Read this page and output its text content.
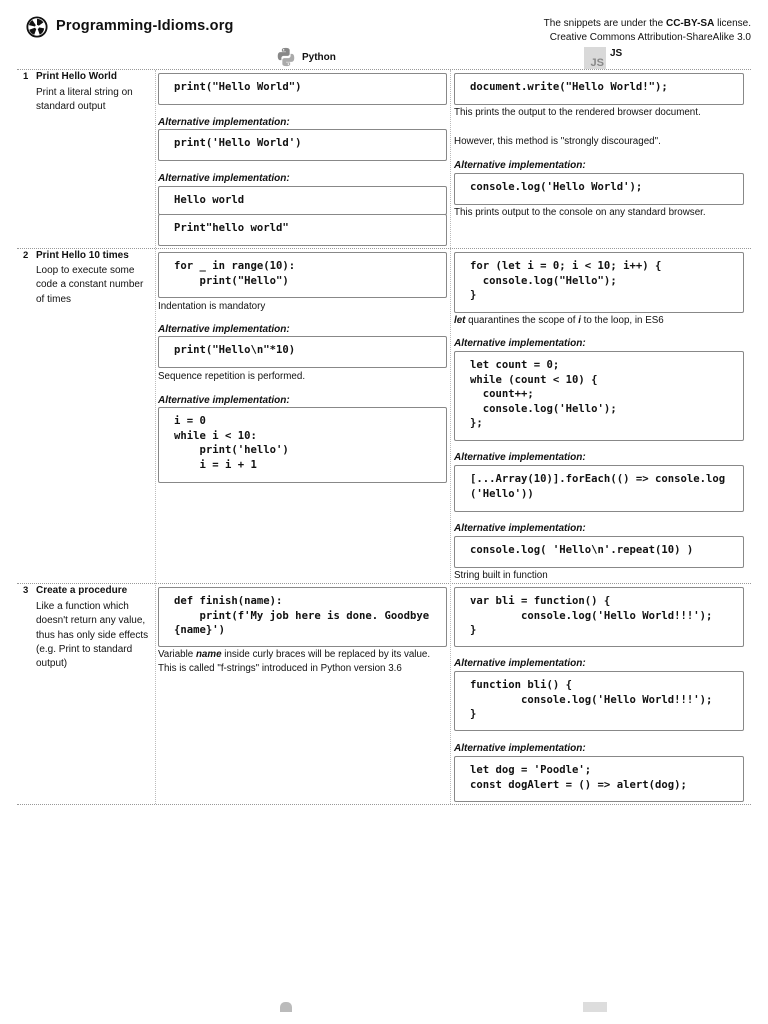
Programming-Idioms.org	The snippets are under the CC-BY-SA license.
Creative Commons Attribution-ShareAlike 3.0
Python	JS
JS
1 Print Hello World
Print a literal string on standard output
print("Hello World")
Alternative implementation:
print('Hello World')
Alternative implementation:
Hello world
Print"hello world"
document.write("Hello World!");
This prints the output to the rendered browser document.
However, this method is "strongly discouraged".
Alternative implementation:
console.log('Hello World');
This prints output to the console on any standard browser.
2 Print Hello 10 times
Loop to execute some code a constant number of times
for _ in range(10):
print("Hello")
Indentation is mandatory
Alternative implementation:
print("Hello\n"*10)
Sequence repetition is performed.
Alternative implementation:
i = 0
while i < 10:
print('hello')
i = i + 1
for (let i = 0; i < 10; i++) {
console.log("Hello");
}
let quarantines the scope of i to the loop, in ES6
Alternative implementation:
let count = 0;
while (count < 10) {
count++;
console.log('Hello');
};
Alternative implementation:
[...Array(10)].forEach(() => console.log('Hello'))
Alternative implementation:
console.log( 'Hello\n'.repeat(10) )
String built in function
3 Create a procedure
Like a function which doesn't return any value, thus has only side effects (e.g. Print to standard output)
def finish(name):
print(f'My job here is done. Goodbye {name}')
Variable name inside curly braces will be replaced by its value. This is called "f-strings" introduced in Python version 3.6
var bli = function() {
console.log('Hello World!!!');
}
Alternative implementation:
function bli() {
console.log('Hello World!!!');
}
Alternative implementation:
let dog = 'Poodle';
const dogAlert = () => alert(dog);
